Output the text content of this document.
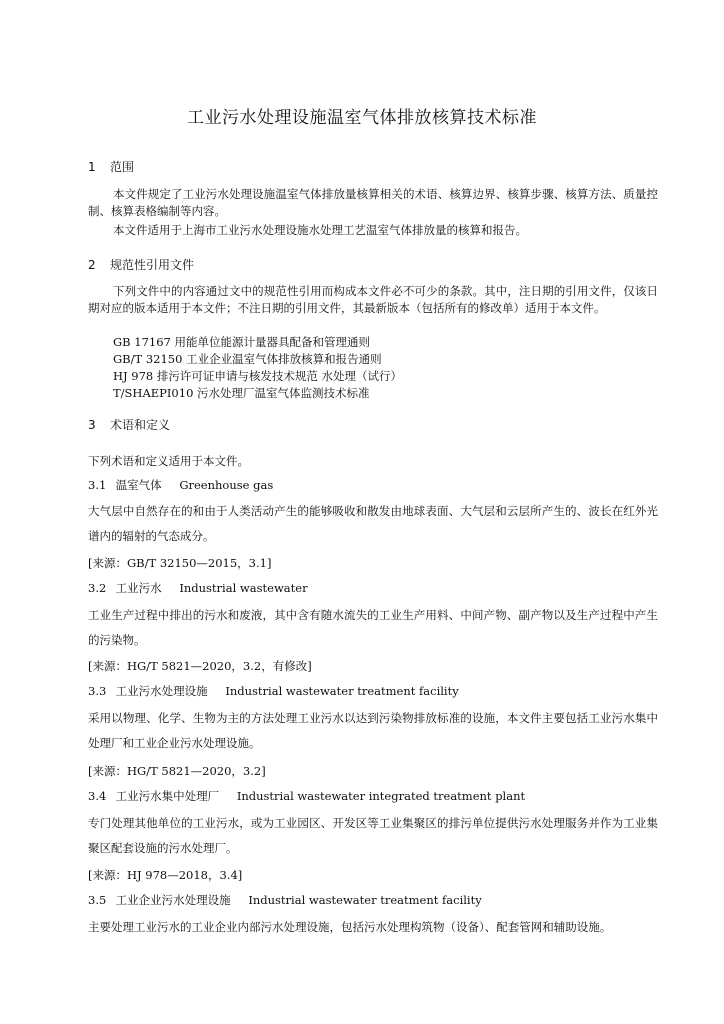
工业污水处理设施温室气体排放核算技术标准
1 范围
本文件规定了工业污水处理设施温室气体排放量核算相关的术语、核算边界、核算步骤、核算方法、质量控制、核算表格编制等内容。
本文件适用于上海市工业污水处理设施水处理工艺温室气体排放量的核算和报告。
2 规范性引用文件
下列文件中的内容通过文中的规范性引用而构成本文件必不可少的条款。其中，注日期的引用文件，仅该日期对应的版本适用于本文件；不注日期的引用文件，其最新版本（包括所有的修改单）适用于本文件。
GB 17167 用能单位能源计量器具配备和管理通则
GB/T 32150 工业企业温室气体排放核算和报告通则
HJ 978 排污许可证申请与核发技术规范 水处理（试行）
T/SHAEPI010 污水处理厂温室气体监测技术标准
3 术语和定义
下列术语和定义适用于本文件。
3.1 温室气体 Greenhouse gas
大气层中自然存在的和由于人类活动产生的能够吸收和散发由地球表面、大气层和云层所产生的、波长在红外光谱内的辐射的气态成分。
[来源：GB/T 32150—2015，3.1]
3.2 工业污水 Industrial wastewater
工业生产过程中排出的污水和废液，其中含有随水流失的工业生产用料、中间产物、副产物以及生产过程中产生的污染物。
[来源：HG/T 5821—2020，3.2，有修改]
3.3 工业污水处理设施 Industrial wastewater treatment facility
采用以物理、化学、生物为主的方法处理工业污水以达到污染物排放标准的设施，本文件主要包括工业污水集中处理厂和工业企业污水处理设施。
[来源：HG/T 5821—2020，3.2]
3.4 工业污水集中处理厂 Industrial wastewater integrated treatment plant
专门处理其他单位的工业污水，或为工业园区、开发区等工业集聚区的排污单位提供污水处理服务并作为工业集聚区配套设施的污水处理厂。
[来源：HJ 978—2018，3.4]
3.5 工业企业污水处理设施 Industrial wastewater treatment facility
主要处理工业污水的工业企业内部污水处理设施，包括污水处理构筑物（设备）、配套管网和辅助设施。
